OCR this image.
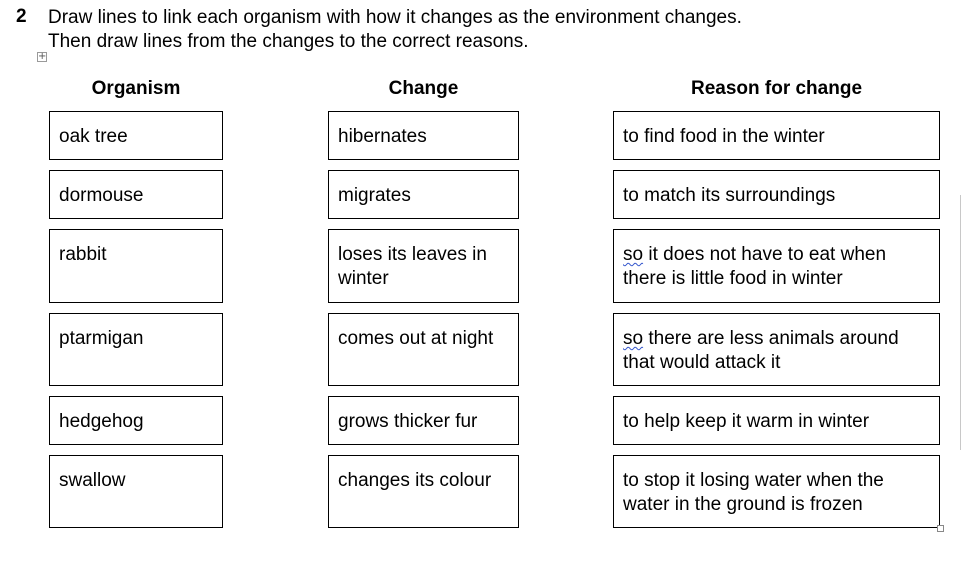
2 Draw lines to link each organism with how it changes as the environment changes.
Then draw lines from the changes to the correct reasons.
+
Organism	Change	Reason for change
oak tree
dormouse
rabbit
ptarmigan
hedgehog
swallow
hibernates
migrates
loses its leaves in winter
comes out at night
grows thicker fur
changes its colour
to find food in the winter
to match its surroundings
so it does not have to eat when there is little food in winter
so there are less animals around that would attack it
to help keep it warm in winter
to stop it losing water when the water in the ground is frozen
